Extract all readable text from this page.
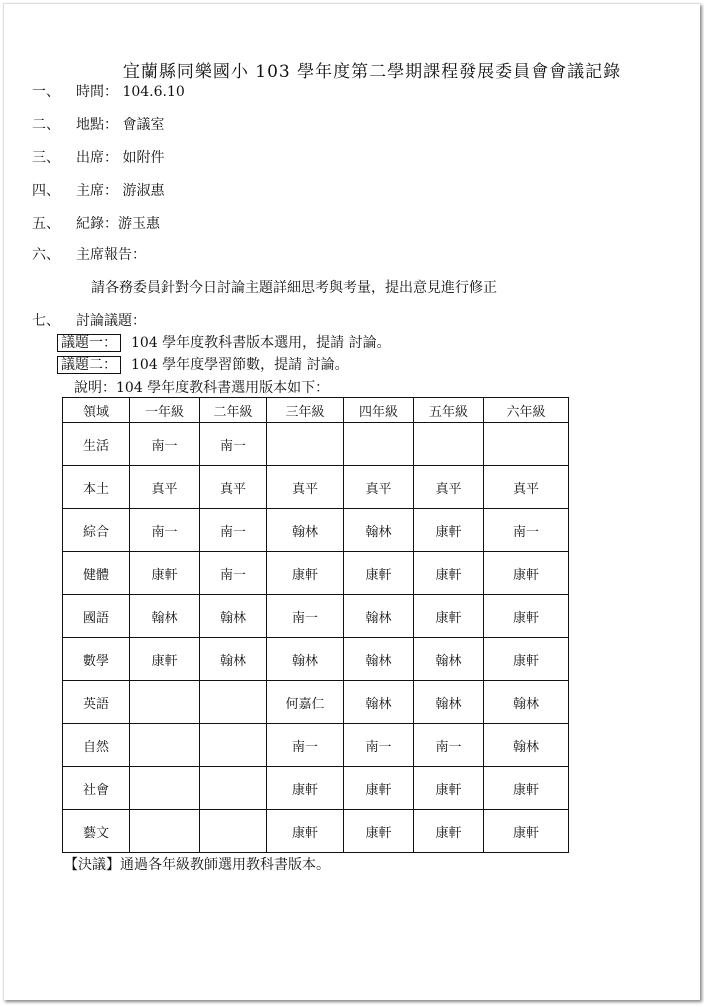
宜蘭縣同樂國小 103 學年度第二學期課程發展委員會會議記錄
一、 時間： 104.6.10
二、 地點： 會議室
三、 出席： 如附件
四、 主席： 游淑惠
五、 紀錄：游玉惠
六、 主席報告：
請各務委員針對今日討論主題詳細思考與考量，提出意見進行修正
七、 討論議題：
議題一： 104 學年度教科書版本選用，提請 討論。
議題二： 104 學年度學習節數，提請 討論。
說明：104 學年度教科書選用版本如下：
領域	一年級	二年級	三年級	四年級	五年級	六年級
生活	南一	南一				
本土	真平	真平	真平	真平	真平	真平
綜合	南一	南一	翰林	翰林	康軒	南一
健體	康軒	南一	康軒	康軒	康軒	康軒
國語	翰林	翰林	南一	翰林	康軒	康軒
數學	康軒	翰林	翰林	翰林	翰林	康軒
英語			何嘉仁	翰林	翰林	翰林
自然			南一	南一	南一	翰林
社會			康軒	康軒	康軒	康軒
藝文			康軒	康軒	康軒	康軒
【決議】通過各年級教師選用教科書版本。
